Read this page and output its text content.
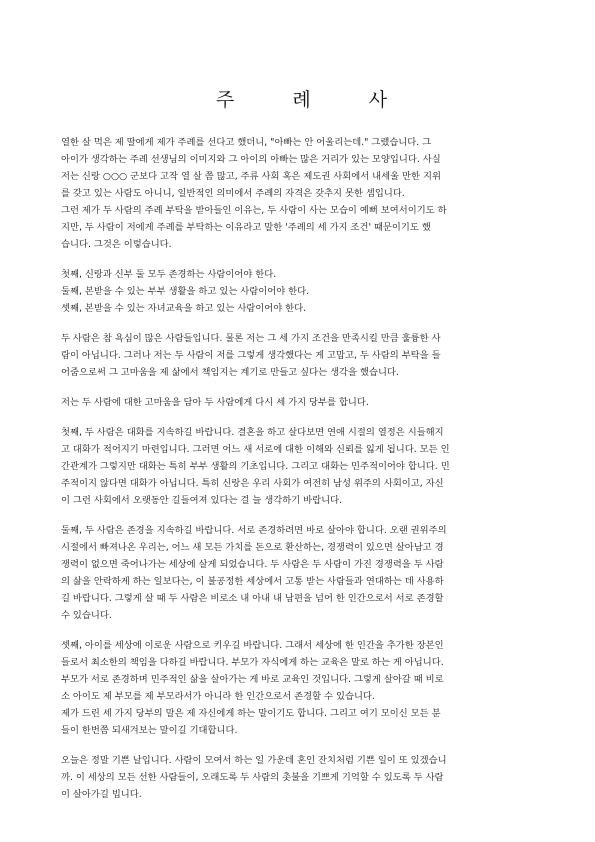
주 례 사
열한 살 먹은 제 딸에게 제가 주례를 선다고 했더니, "아빠는 안 어울리는데." 그랬습니다. 그
아이가 생각하는 주례 선생님의 이미지와 그 아이의 아빠는 많은 거리가 있는 모양입니다. 사실
저는 신랑 ○○○ 군보다 고작 열 살 쯤 많고, 주류 사회 혹은 제도권 사회에서 내세울 만한 지위
를 갖고 있는 사람도 아니니, 일반적인 의미에서 주례의 자격은 갖추지 못한 셈입니다.
그런 제가 두 사람의 주례 부탁을 받아들인 이유는, 두 사람이 사는 모습이 예뻐 보여서이기도 하
지만, 두 사람이 저에게 주례를 부탁하는 이유라고 말한 '주례의 세 가지 조건' 때문이기도 했
습니다. 그것은 이렇습니다.
첫째, 신랑과 신부 둘 모두 존경하는 사람이어야 한다.
둘째, 본받을 수 있는 부부 생활을 하고 있는 사람이어야 한다.
셋째, 본받을 수 있는 자녀교육을 하고 있는 사람이어야 한다.
두 사람은 참 욕심이 많은 사람들입니다. 물론 저는 그 세 가지 조건을 만족시킬 만큼 훌륭한 사
람이 아닙니다. 그러나 저는 두 사람이 저를 그렇게 생각했다는 게 고맙고, 두 사람의 부탁을 들
어줌으로써 그 고마움을 제 삶에서 책임지는 계기로 만들고 싶다는 생각을 했습니다.
저는 두 사람에 대한 고마움을 담아 두 사람에게 다시 세 가지 당부를 합니다.
첫째, 두 사람은 대화를 지속하길 바랍니다. 결혼을 하고 살다보면 연애 시절의 열정은 시들해지
고 대화가 적어지기 마련입니다. 그러면 어느 새 서로에 대한 이해와 신뢰를 잃게 됩니다. 모든 인
간관계가 그렇지만 대화는 특히 부부 생활의 기초입니다. 그리고 대화는 민주적이어야 합니다. 민
주적이지 않다면 대화가 아닙니다. 특히 신랑은 우리 사회가 여전히 남성 위주의 사회이고, 자신
이 그런 사회에서 오랫동안 길들여져 있다는 걸 늘 생각하기 바랍니다.
둘째, 두 사람은 존경을 지속하길 바랍니다. 서로 존경하려면 바로 살아야 합니다. 오랜 권위주의
시절에서 빠져나온 우리는, 어느 새 모든 가치를 돈으로 환산하는, 경쟁력이 있으면 살아남고 경
쟁력이 없으면 죽어나가는 세상에 살게 되었습니다. 두 사람은 두 사람이 가진 경쟁력을 두 사람
의 삶을 안락하게 하는 일보다는, 이 불공정한 세상에서 고통 받는 사람들과 연대하는 데 사용하
길 바랍니다. 그렇게 살 때 두 사람은 비로소 내 아내 내 남편을 넘어 한 인간으로서 서로 존경할
수 있습니다.
셋째, 아이를 세상에 이로운 사람으로 키우길 바랍니다. 그래서 세상에 한 인간을 추가한 장본인
들로서 최소한의 책임을 다하길 바랍니다. 부모가 자식에게 하는 교육은 말로 하는 게 아닙니다.
부모가 서로 존경하며 민주적인 삶을 살아가는 게 바로 교육인 것입니다. 그렇게 살아갈 때 비로
소 아이도 제 부모를 제 부모라서가 아니라 한 인간으로서 존경할 수 있습니다.
제가 드린 세 가지 당부의 말은 제 자신에게 하는 말이기도 합니다. 그리고 여기 모이신 모든 분
들이 한번쯤 되새겨보는 말이길 기대합니다.
오늘은 정말 기쁜 날입니다. 사람이 모여서 하는 일 가운데 혼인 잔치처럼 기쁜 일이 또 있겠습니
까. 이 세상의 모든 선한 사람들이, 오래도록 두 사람의 촛불을 기쁘게 기억할 수 있도록 두 사람
이 살아가길 빕니다.
